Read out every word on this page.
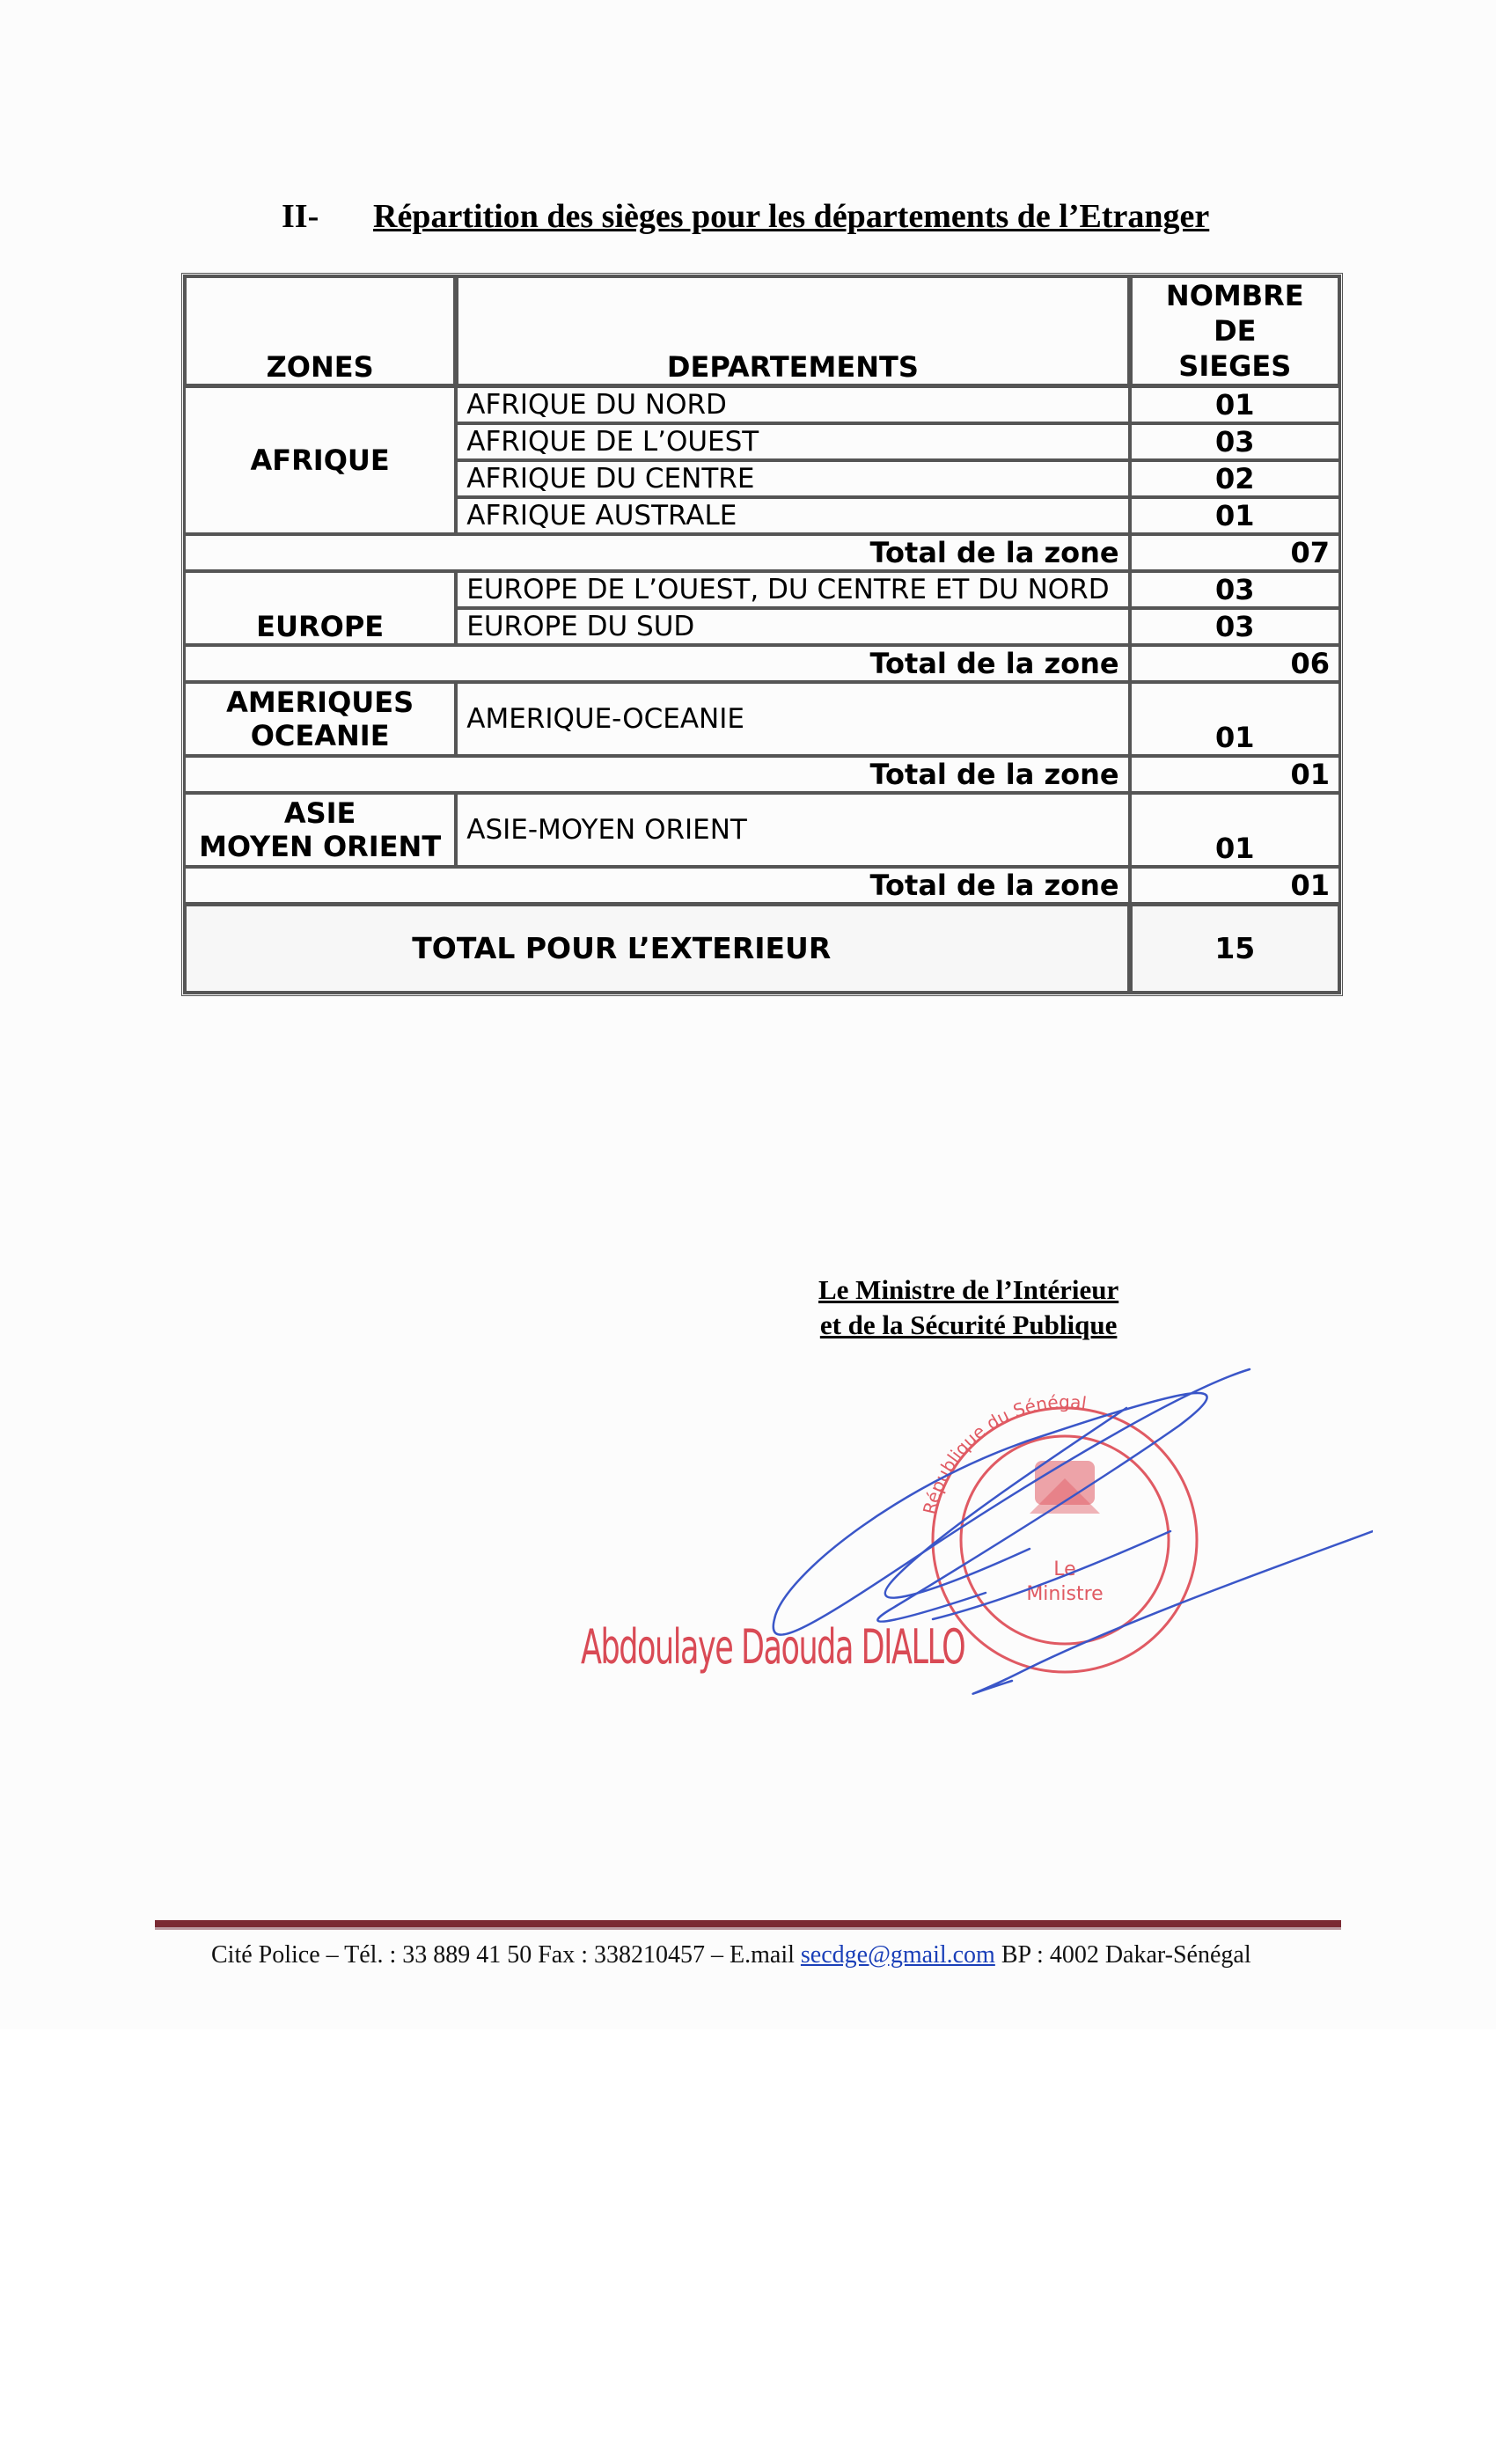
II- Répartition des sièges pour les départements de l’Etranger
ZONES	DEPARTEMENTS	NOMBRE DE
SIEGES

AFRIQUE	AFRIQUE DU NORD	01
	AFRIQUE DE L’OUEST	03
	AFRIQUE DU CENTRE	02
	AFRIQUE AUSTRALE	01
Total de la zone		07
EUROPE	EUROPE DE L’OUEST, DU CENTRE ET DU NORD	03
	EUROPE DU SUD	03
Total de la zone		06

AMERIQUES
OCEANIE	AMERIQUE-OCEANIE	01
Total de la zone		01

ASIE
MOYEN ORIENT	ASIE-MOYEN ORIENT	01
Total de la zone		01
TOTAL POUR L’EXTERIEUR		15
Le Ministre de l’Intérieur
et de la Sécurité Publique
République du Sénégal
Le
Ministre
Abdoulaye Daouda DIALLO
Cité Police – Tél. : 33 889 41 50 Fax : 338210457 – E.mail secdge@gmail.com BP : 4002 Dakar-Sénégal
